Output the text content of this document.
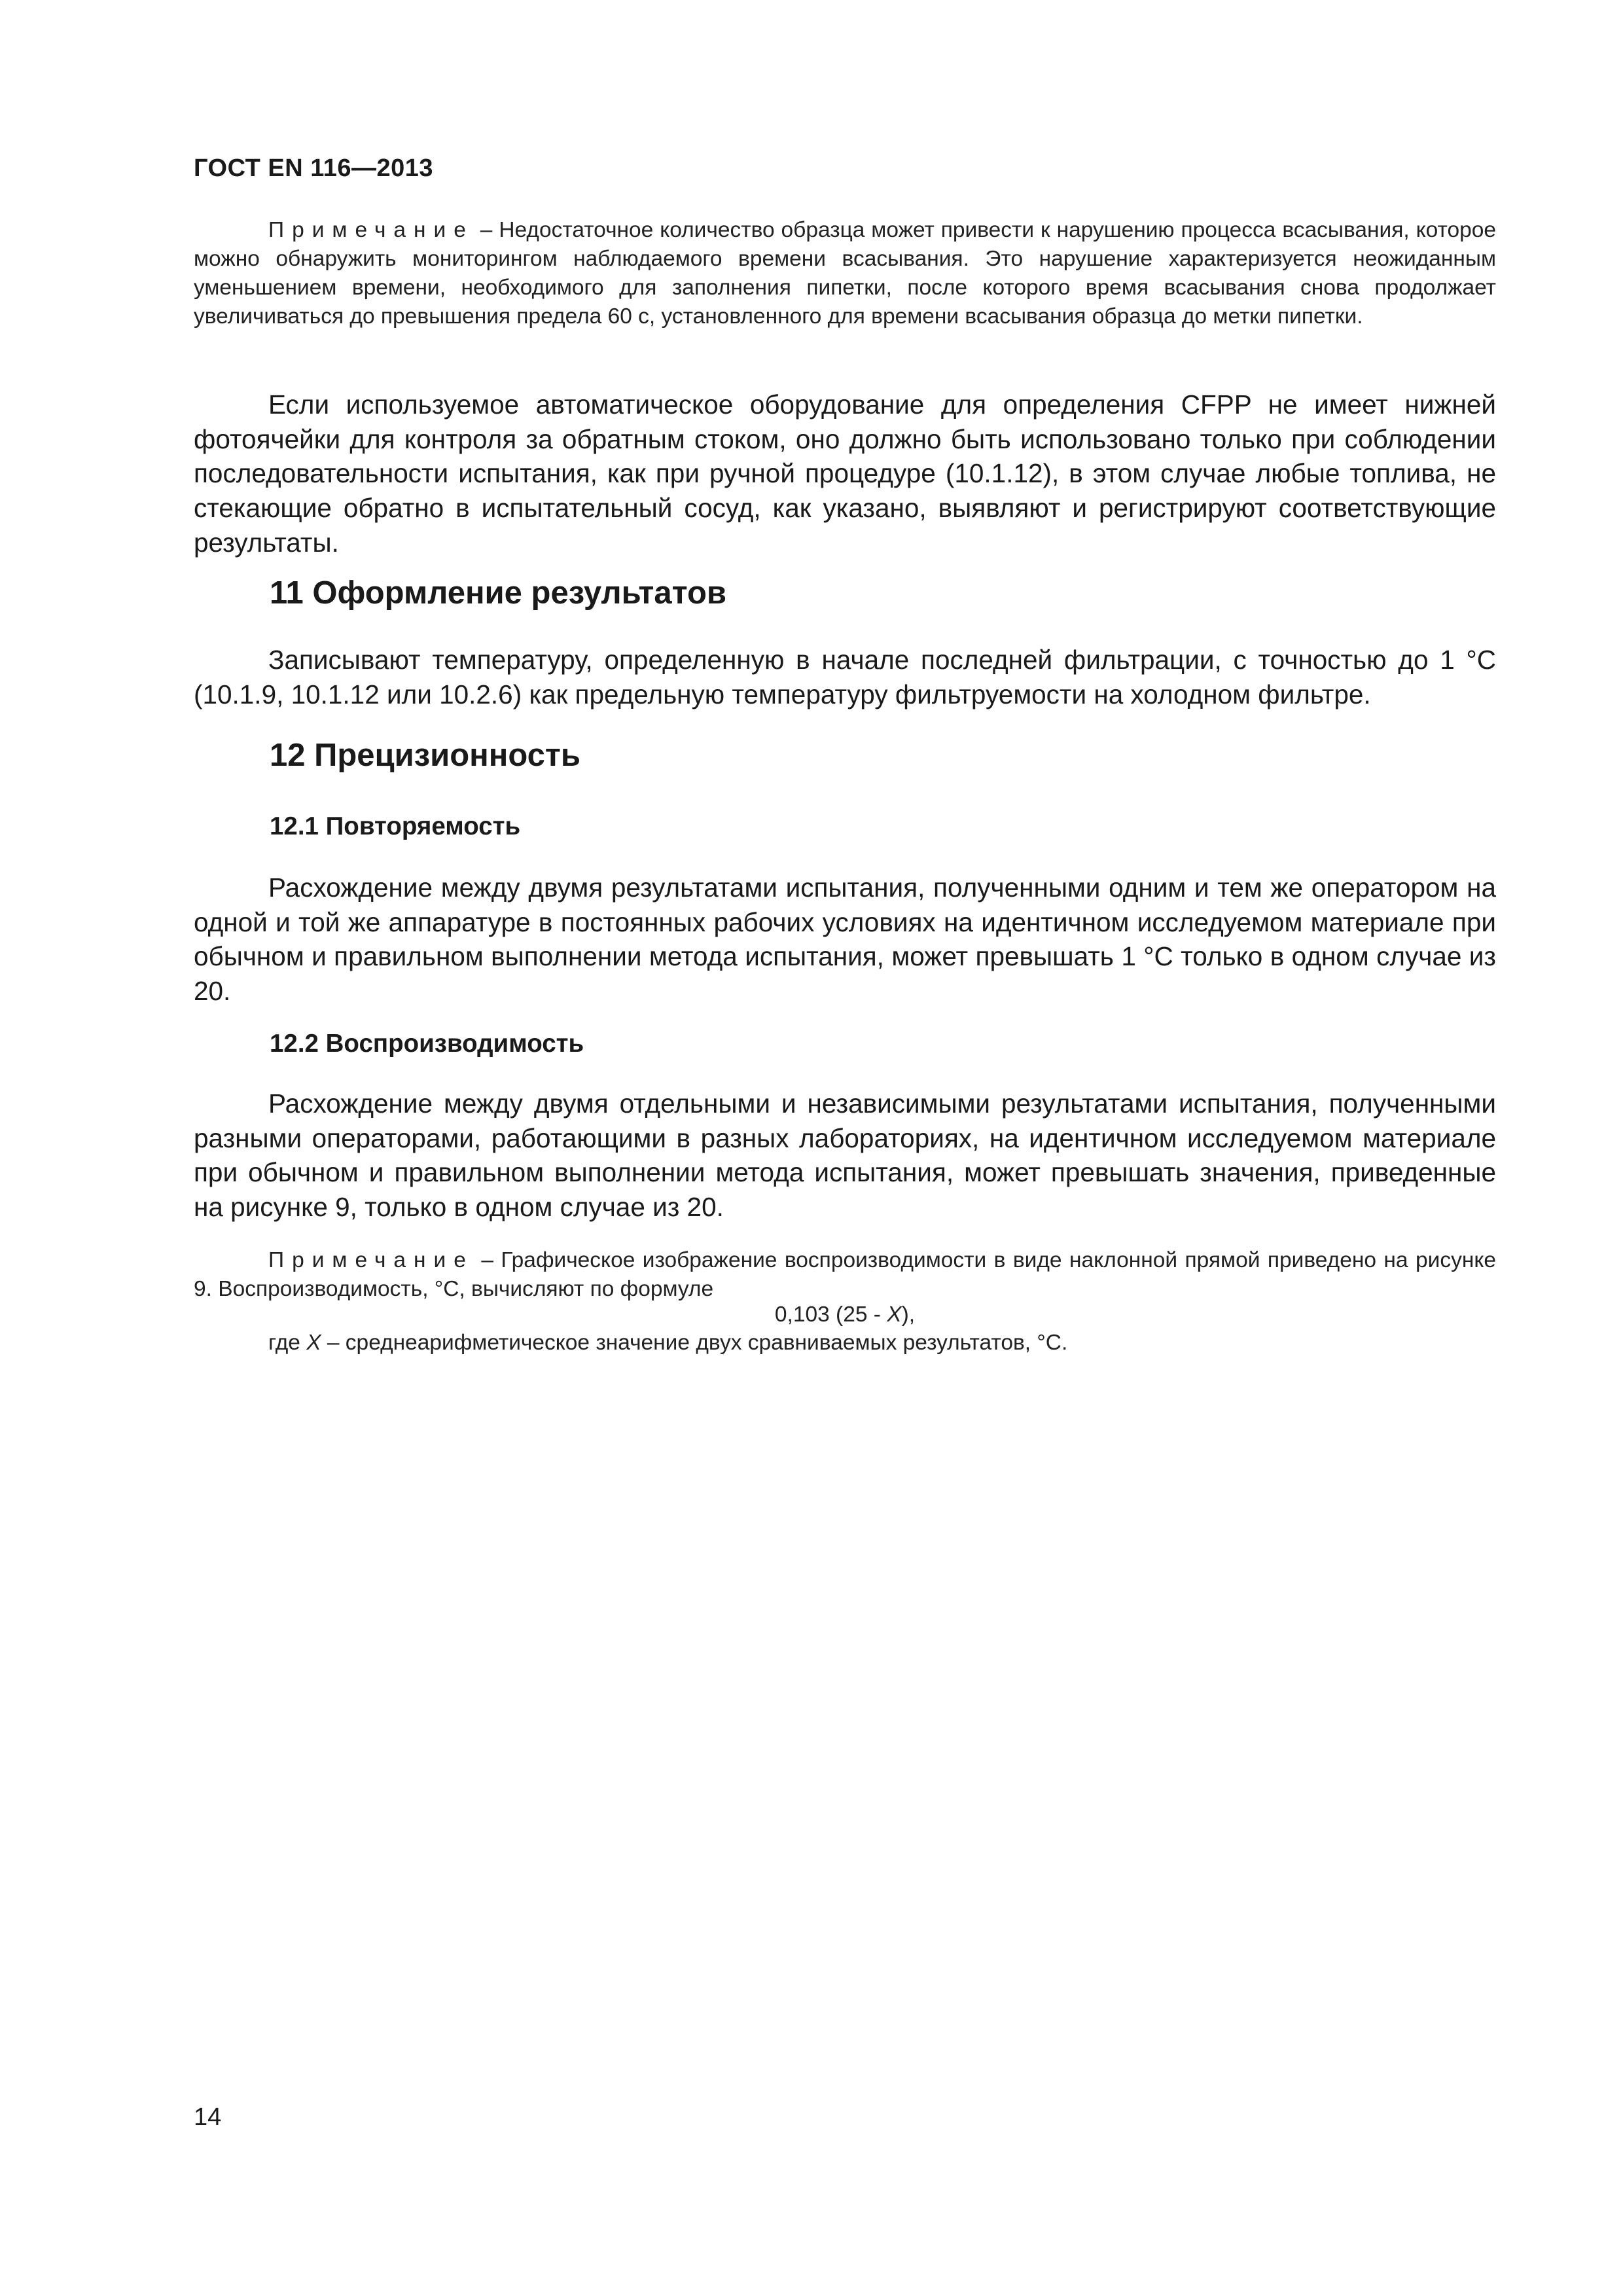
ГОСТ EN 116—2013
Примечание – Недостаточное количество образца может привести к нарушению процесса всасывания, которое можно обнаружить мониторингом наблюдаемого времени всасывания. Это нарушение характеризуется неожиданным уменьшением времени, необходимого для заполнения пипетки, после которого время всасывания снова продолжает увеличиваться до превышения предела 60 с, установленного для времени всасывания образца до метки пипетки.
Если используемое автоматическое оборудование для определения CFPP не имеет нижней фотоячейки для контроля за обратным стоком, оно должно быть использовано только при соблюдении последовательности испытания, как при ручной процедуре (10.1.12), в этом случае любые топлива, не стекающие обратно в испытательный сосуд, как указано, выявляют и регистрируют соответствующие результаты.
11 Оформление результатов
Записывают температуру, определенную в начале последней фильтрации, с точностью до 1 °С (10.1.9, 10.1.12 или 10.2.6) как предельную температуру фильтруемости на холодном фильтре.
12 Прецизионность
12.1 Повторяемость
Расхождение между двумя результатами испытания, полученными одним и тем же оператором на одной и той же аппаратуре в постоянных рабочих условиях на идентичном исследуемом материале при обычном и правильном выполнении метода испытания, может превышать 1 °С только в одном случае из 20.
12.2 Воспроизводимость
Расхождение между двумя отдельными и независимыми результатами испытания, полученными разными операторами, работающими в разных лабораториях, на идентичном исследуемом материале при обычном и правильном выполнении метода испытания, может превышать значения, приведенные на рисунке 9, только в одном случае из 20.
Примечание – Графическое изображение воспроизводимости в виде наклонной прямой приведено на рисунке 9. Воспроизводимость, °С, вычисляют по формуле
0,103 (25 - X),
где X – среднеарифметическое значение двух сравниваемых результатов, °С.
14
